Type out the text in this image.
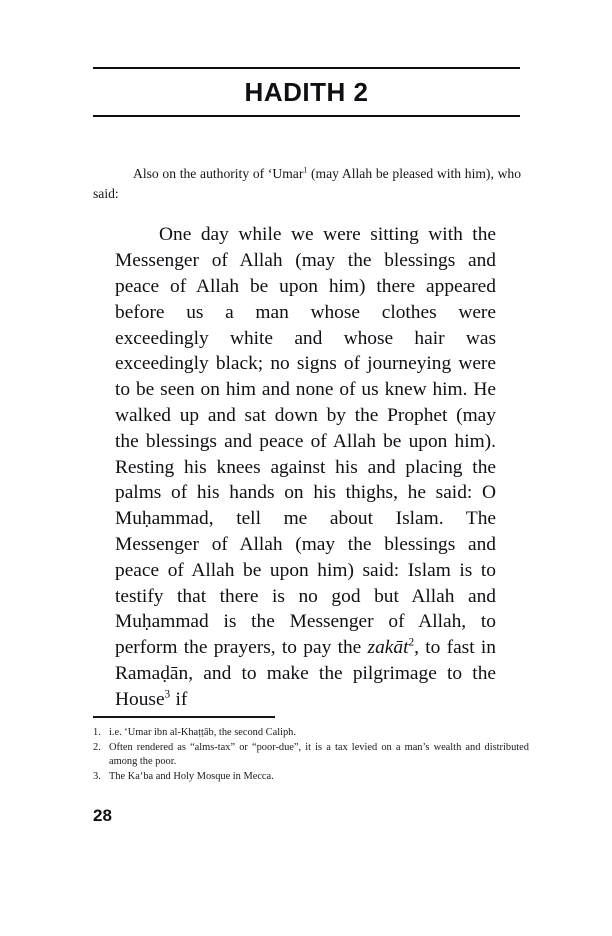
HADITH 2

Also on the authority of ‘Umar$^1$ (may Allah be pleased with him), who said:

One day while we were sitting with the Messenger of Allah (may the blessings and peace of Allah be upon him) there appeared before us a man whose clothes were exceedingly white and whose hair was exceedingly black; no signs of journeying were to be seen on him and none of us knew him. He walked up and sat down by the Prophet (may the blessings and peace of Allah be upon him). Resting his knees against his and placing the palms of his hands on his thighs, he said: O Muḥammad, tell me about Islam. The Messenger of Allah (may the blessings and peace of Allah be upon him) said: Islam is to testify that there is no god but Allah and Muḥammad is the Messenger of Allah, to perform the prayers, to pay the zakāt$^2$, to fast in Ramaḍān, and to make the pilgrimage to the House$^3$ if

1. i.e. ‘Umar ibn al-Khaṭṭāb, the second Caliph.
2. Often rendered as “alms-tax” or “poor-due”, it is a tax levied on a man’s wealth and distributed among the poor.
3. The Ka‘ba and Holy Mosque in Mecca.
28
